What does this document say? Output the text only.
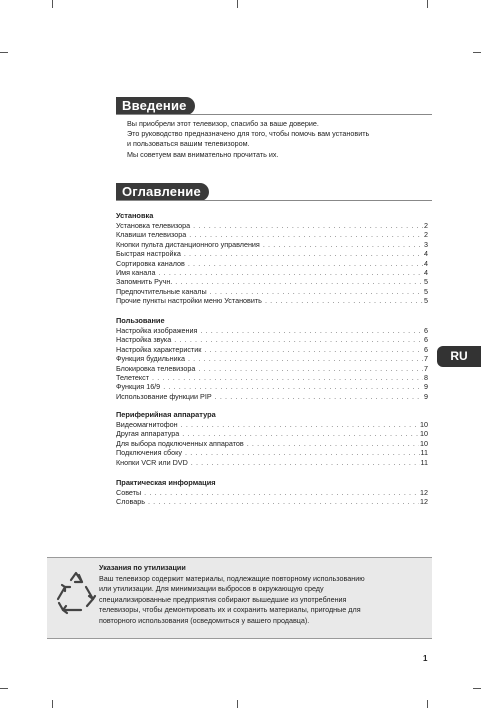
Введение
Вы приобрели этот телевизор, спасибо за ваше доверие.
Это руководство предназначено для того, чтобы помочь вам установить
и пользоваться вашим телевизором.
Мы советуем вам внимательно прочитать их.
Оглавление
Установка
Установка телевизора . . .	2
Клавиши телевизора . . .	2
Кнопки пульта дистанционного управления . . .	3
Быстрая настройка . . .	4
Сортировка каналов . . .	4
Имя канала . . .	4
Запомнить Ручн. . . .	5
Предпочтительные каналы . . .	5
Прочие пункты настройки меню Установить . . .	5
Пользование
Настройка изображения . . .	6
Настройка звука . . .	6
Настройка характеристик . . .	6
Функция будильника . . .	7
Блокировка телевизора . . .	7
Телетекст . . .	8
Функция 16/9 . . .	9
Использование функции PIP . . .	9
Периферийная аппаратура
Видеомагнитофон . . .	10
Другая аппаратура . . .	10
Для выбора подключенных аппаратов . . .	10
Подключения сбоку . . .	11
Кнопки VCR или DVD . . .	11
Практическая информация
Советы . . .	12
Словарь . . .	12
RU
Указания по утилизации
Ваш телевизор содержит материалы, подлежащие повторному использованию
или утилизации. Для минимизации выбросов в окружающую среду
специализированные предприятия собирают вышедшие из употребления
телевизоры, чтобы демонтировать их и сохранить материалы, пригодные для
повторного использования (осведомиться у вашего продавца).
1
